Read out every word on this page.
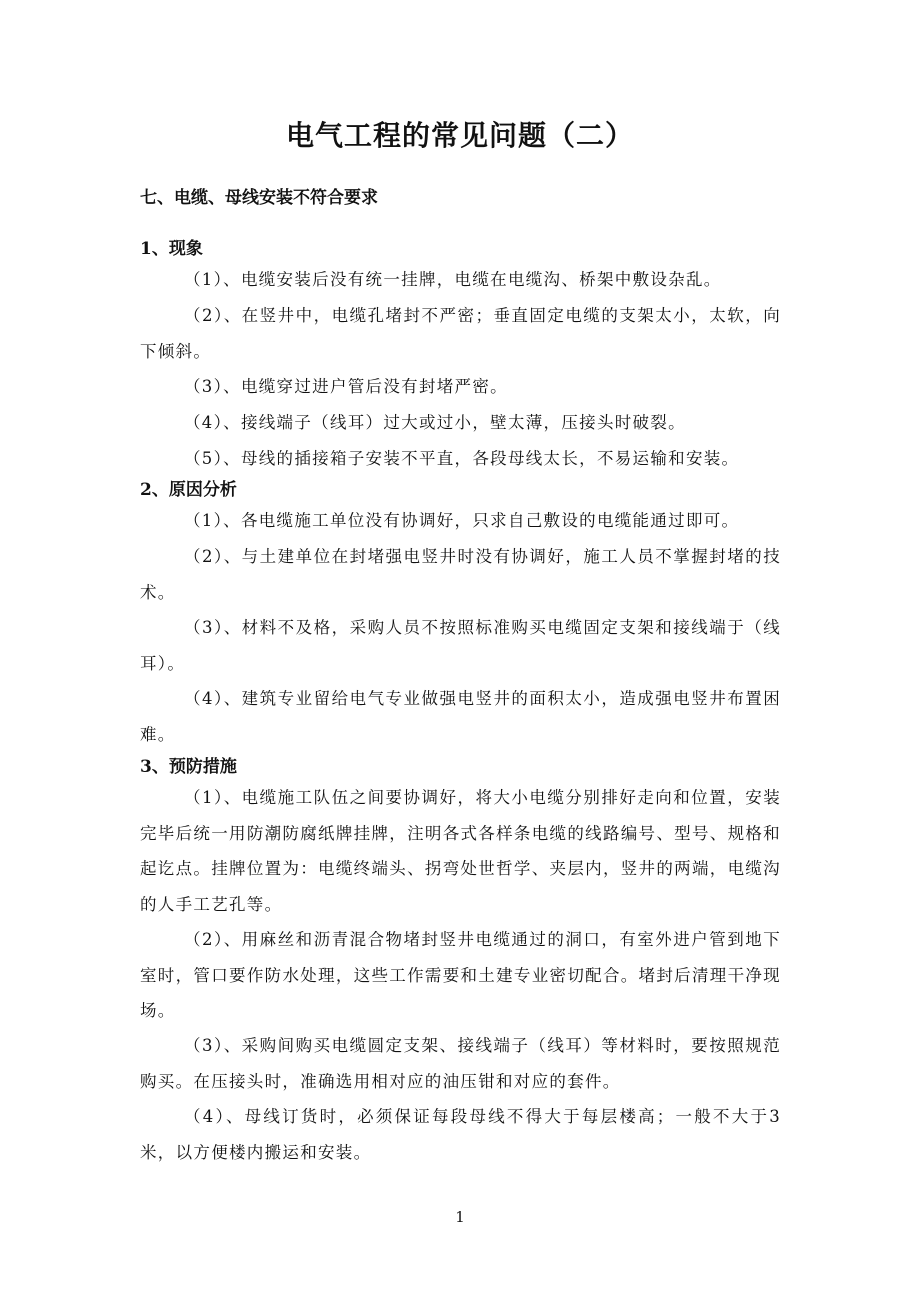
电气工程的常见问题（二）
七、电缆、母线安装不符合要求
1、现象

（1）、电缆安装后没有统一挂牌，电缆在电缆沟、桥架中敷设杂乱。

（2）、在竖井中，电缆孔堵封不严密；垂直固定电缆的支架太小，太软，向下倾斜。

（3）、电缆穿过进户管后没有封堵严密。

（4）、接线端子（线耳）过大或过小，壁太薄，压接头时破裂。

（5）、母线的插接箱子安装不平直，各段母线太长，不易运输和安装。

2、原因分析

（1）、各电缆施工单位没有协调好，只求自己敷设的电缆能通过即可。

（2）、与土建单位在封堵强电竖井时没有协调好，施工人员不掌握封堵的技术。

（3）、材料不及格，采购人员不按照标准购买电缆固定支架和接线端于（线耳）。

（4）、建筑专业留给电气专业做强电竖井的面积太小，造成强电竖井布置困难。

3、预防措施

（1）、电缆施工队伍之间要协调好，将大小电缆分别排好走向和位置，安装完毕后统一用防潮防腐纸牌挂牌，注明各式各样条电缆的线路编号、型号、规格和起讫点。挂牌位置为：电缆终端头、拐弯处世哲学、夹层内，竖井的两端，电缆沟的人手工艺孔等。

（2）、用麻丝和沥青混合物堵封竖井电缆通过的洞口，有室外进户管到地下室时，管口要作防水处理，这些工作需要和土建专业密切配合。堵封后清理干净现场。

（3）、采购间购买电缆圆定支架、接线端子（线耳）等材料时，要按照规范购买。在压接头时，准确选用相对应的油压钳和对应的套件。

（4）、母线订货时，必须保证每段母线不得大于每层楼高；一般不大于3米，以方便楼内搬运和安装。

1
